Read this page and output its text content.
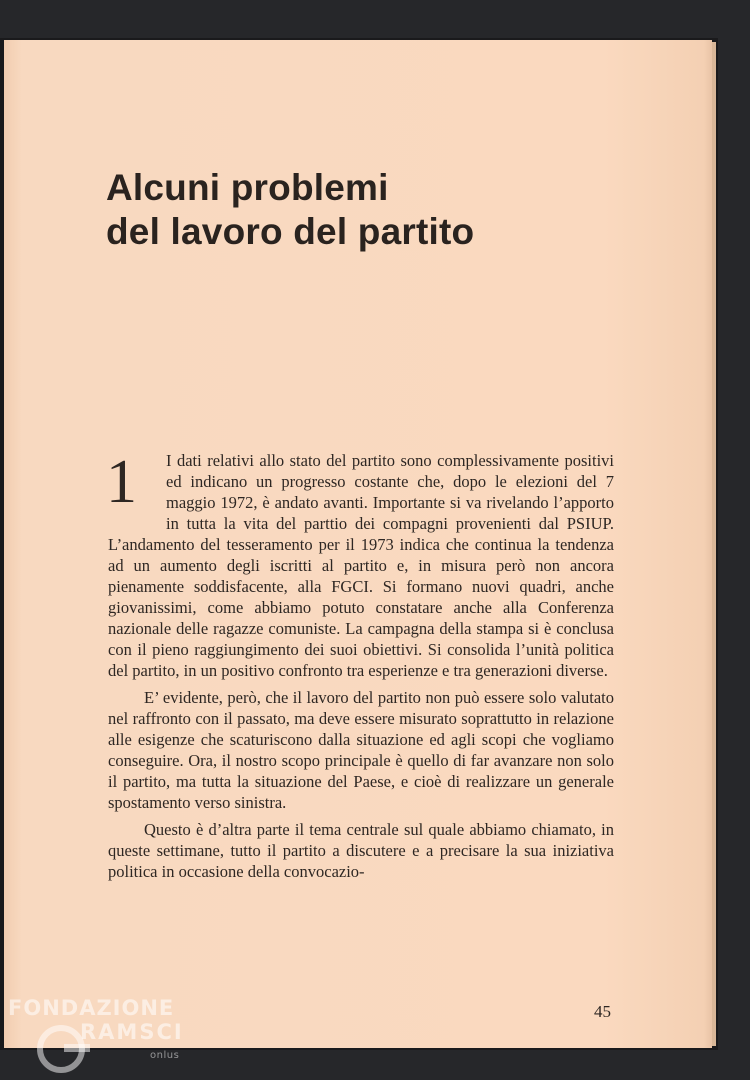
Alcuni problemi
del lavoro del partito
1	I dati relativi allo stato del partito sono complessivamente positivi ed indicano un progresso costante che, dopo le elezioni del 7 maggio 1972, è andato avanti. Importante si va rivelando l’apporto in tutta la vita del parttio dei compagni provenienti dal PSIUP. L’andamento del tesseramento per il 1973 indica che continua la tendenza ad un aumento degli iscritti al partito e, in misura però non ancora pienamente soddisfacente, alla FGCI. Si formano nuovi quadri, anche giovanissimi, come abbiamo potuto constatare anche alla Conferenza nazionale delle ragazze comuniste. La campagna della stampa si è conclusa con il pieno raggiungimento dei suoi obiettivi. Si consolida l’unità politica del partito, in un positivo confronto tra esperienze e tra generazioni diverse.

E’ evidente, però, che il lavoro del partito non può essere solo valutato nel raffronto con il passato, ma deve essere misurato soprattutto in relazione alle esigenze che scaturiscono dalla situazione ed agli scopi che vogliamo conseguire. Ora, il nostro scopo principale è quello di far avanzare non solo il partito, ma tutta la situazione del Paese, e cioè di realizzare un generale spostamento verso sinistra.

Questo è d’altra parte il tema centrale sul quale abbiamo chiamato, in queste settimane, tutto il partito a discutere e a precisare la sua iniziativa politica in occasione della convocazio-

45
FONDAZIONE
RAMSCI
onlus
